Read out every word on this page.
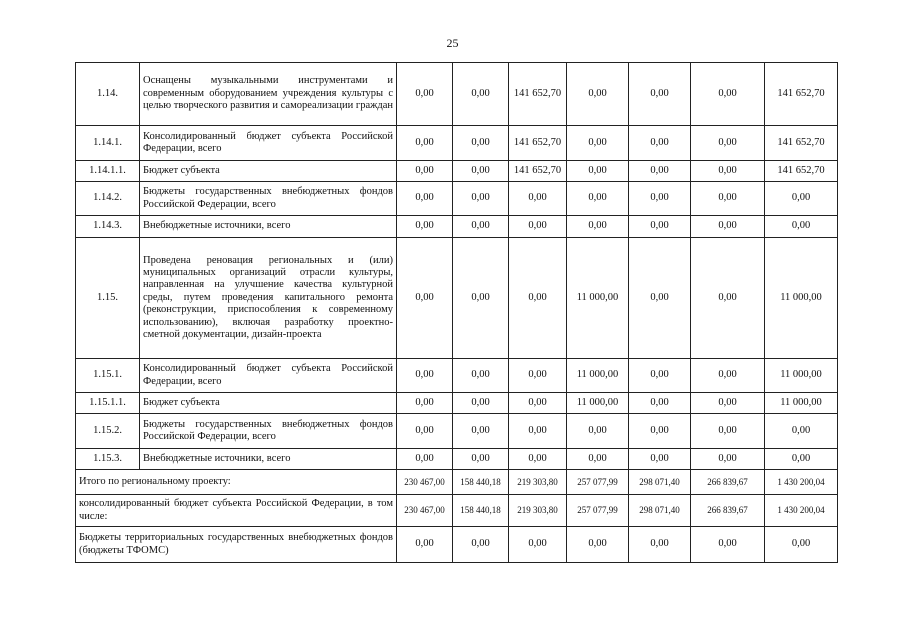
25
1.14.	Оснащены музыкальными инструментами и современным оборудованием учреждения культуры с целью творческого развития и самореализации граждан	0,00	0,00	141 652,70	0,00	0,00	0,00	141 652,70
1.14.1.	Консолидированный бюджет субъекта Российской Федерации, всего	0,00	0,00	141 652,70	0,00	0,00	0,00	141 652,70
1.14.1.1.	Бюджет субъекта	0,00	0,00	141 652,70	0,00	0,00	0,00	141 652,70
1.14.2.	Бюджеты государственных внебюджетных фондов Российской Федерации, всего	0,00	0,00	0,00	0,00	0,00	0,00	0,00
1.14.3.	Внебюджетные источники, всего	0,00	0,00	0,00	0,00	0,00	0,00	0,00
1.15.	Проведена реновация региональных и (или) муниципальных организаций отрасли культуры, направленная на улучшение качества культурной среды, путем проведения капитального ремонта (реконструкции, приспособления к современному использованию), включая разработку проектно-сметной документации, дизайн-проекта	0,00	0,00	0,00	11 000,00	0,00	0,00	11 000,00
1.15.1.	Консолидированный бюджет субъекта Российской Федерации, всего	0,00	0,00	0,00	11 000,00	0,00	0,00	11 000,00
1.15.1.1.	Бюджет субъекта	0,00	0,00	0,00	11 000,00	0,00	0,00	11 000,00
1.15.2.	Бюджеты государственных внебюджетных фондов Российской Федерации, всего	0,00	0,00	0,00	0,00	0,00	0,00	0,00
1.15.3.	Внебюджетные источники, всего	0,00	0,00	0,00	0,00	0,00	0,00	0,00
Итого по региональному проекту:		230 467,00	158 440,18	219 303,80	257 077,99	298 071,40	266 839,67	1 430 200,04
консолидированный бюджет субъекта Российской Федерации, в том числе:		230 467,00	158 440,18	219 303,80	257 077,99	298 071,40	266 839,67	1 430 200,04
Бюджеты территориальных государственных внебюджетных фондов (бюджеты ТФОМС)		0,00	0,00	0,00	0,00	0,00	0,00	0,00
